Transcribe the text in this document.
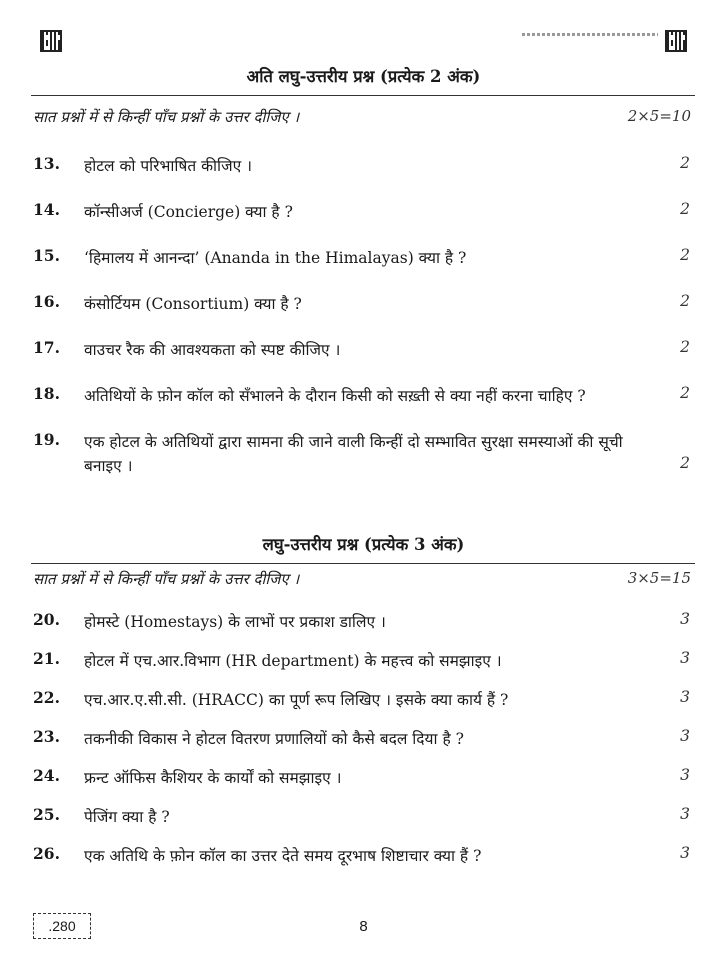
अति लघु-उत्तरीय प्रश्न (प्रत्येक 2 अंक)
सात प्रश्नों में से किन्हीं पाँच प्रश्नों के उत्तर दीजिए ।	2×5=10
13. होटल को परिभाषित कीजिए ।	2
14. कॉन्सीअर्ज (Concierge) क्या है ?	2
15. ‘हिमालय में आनन्दा’ (Ananda in the Himalayas) क्या है ?	2
16. कंसोर्टियम (Consortium) क्या है ?	2
17. वाउचर रैक की आवश्यकता को स्पष्ट कीजिए ।	2
18. अतिथियों के फ़ोन कॉल को सँभालने के दौरान किसी को सख़्ती से क्या नहीं करना चाहिए ?	2
19. एक होटल के अतिथियों द्वारा सामना की जाने वाली किन्हीं दो सम्भावित सुरक्षा समस्याओं की सूची बनाइए ।	2
लघु-उत्तरीय प्रश्न (प्रत्येक 3 अंक)
सात प्रश्नों में से किन्हीं पाँच प्रश्नों के उत्तर दीजिए ।	3×5=15
20. होमस्टे (Homestays) के लाभों पर प्रकाश डालिए ।	3
21. होटल में एच.आर.विभाग (HR department) के महत्त्व को समझाइए ।	3
22. एच.आर.ए.सी.सी. (HRACC) का पूर्ण रूप लिखिए । इसके क्या कार्य हैं ?	3
23. तकनीकी विकास ने होटल वितरण प्रणालियों को कैसे बदल दिया है ?	3
24. फ्रन्ट ऑफिस कैशियर के कार्यों को समझाइए ।	3
25. पेजिंग क्या है ?	3
26. एक अतिथि के फ़ोन कॉल का उत्तर देते समय दूरभाष शिष्टाचार क्या हैं ?	3
.280	8
